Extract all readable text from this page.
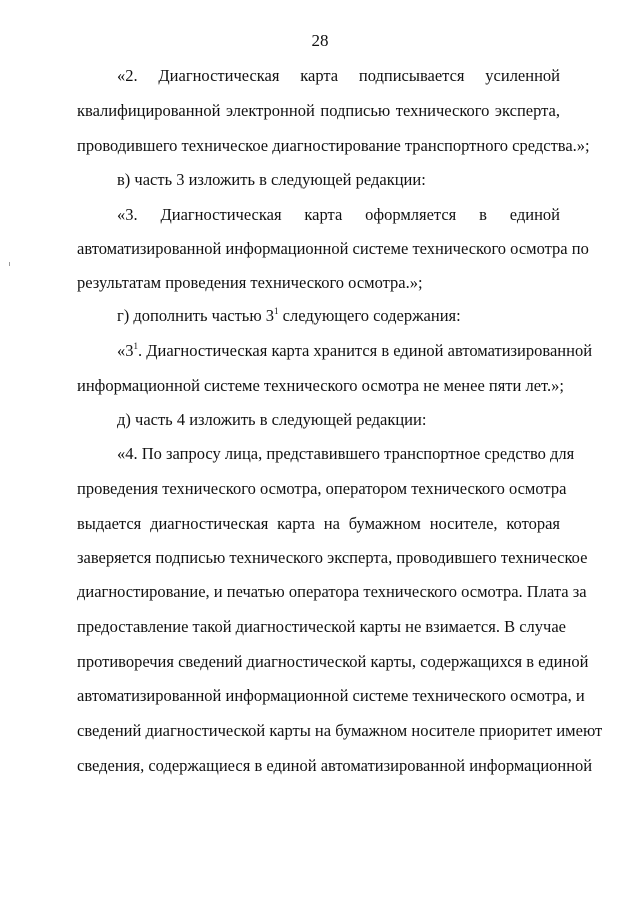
28
«2. Диагностическая карта подписывается усиленной
квалифицированной электронной подписью технического эксперта,
проводившего техническое диагностирование транспортного средства.»;
в) часть 3 изложить в следующей редакции:
«3. Диагностическая карта оформляется в единой
автоматизированной информационной системе технического осмотра по
результатам проведения технического осмотра.»;
г) дополнить частью $3^1$ следующего содержания:
«$3^1$. Диагностическая карта хранится в единой автоматизированной
информационной системе технического осмотра не менее пяти лет.»;
д) часть 4 изложить в следующей редакции:
«4. По запросу лица, представившего транспортное средство для
проведения технического осмотра, оператором технического осмотра
выдается диагностическая карта на бумажном носителе, которая
заверяется подписью технического эксперта, проводившего техническое
диагностирование, и печатью оператора технического осмотра. Плата за
предоставление такой диагностической карты не взимается. В случае
противоречия сведений диагностической карты, содержащихся в единой
автоматизированной информационной системе технического осмотра, и
сведений диагностической карты на бумажном носителе приоритет имеют
сведения, содержащиеся в единой автоматизированной информационной
